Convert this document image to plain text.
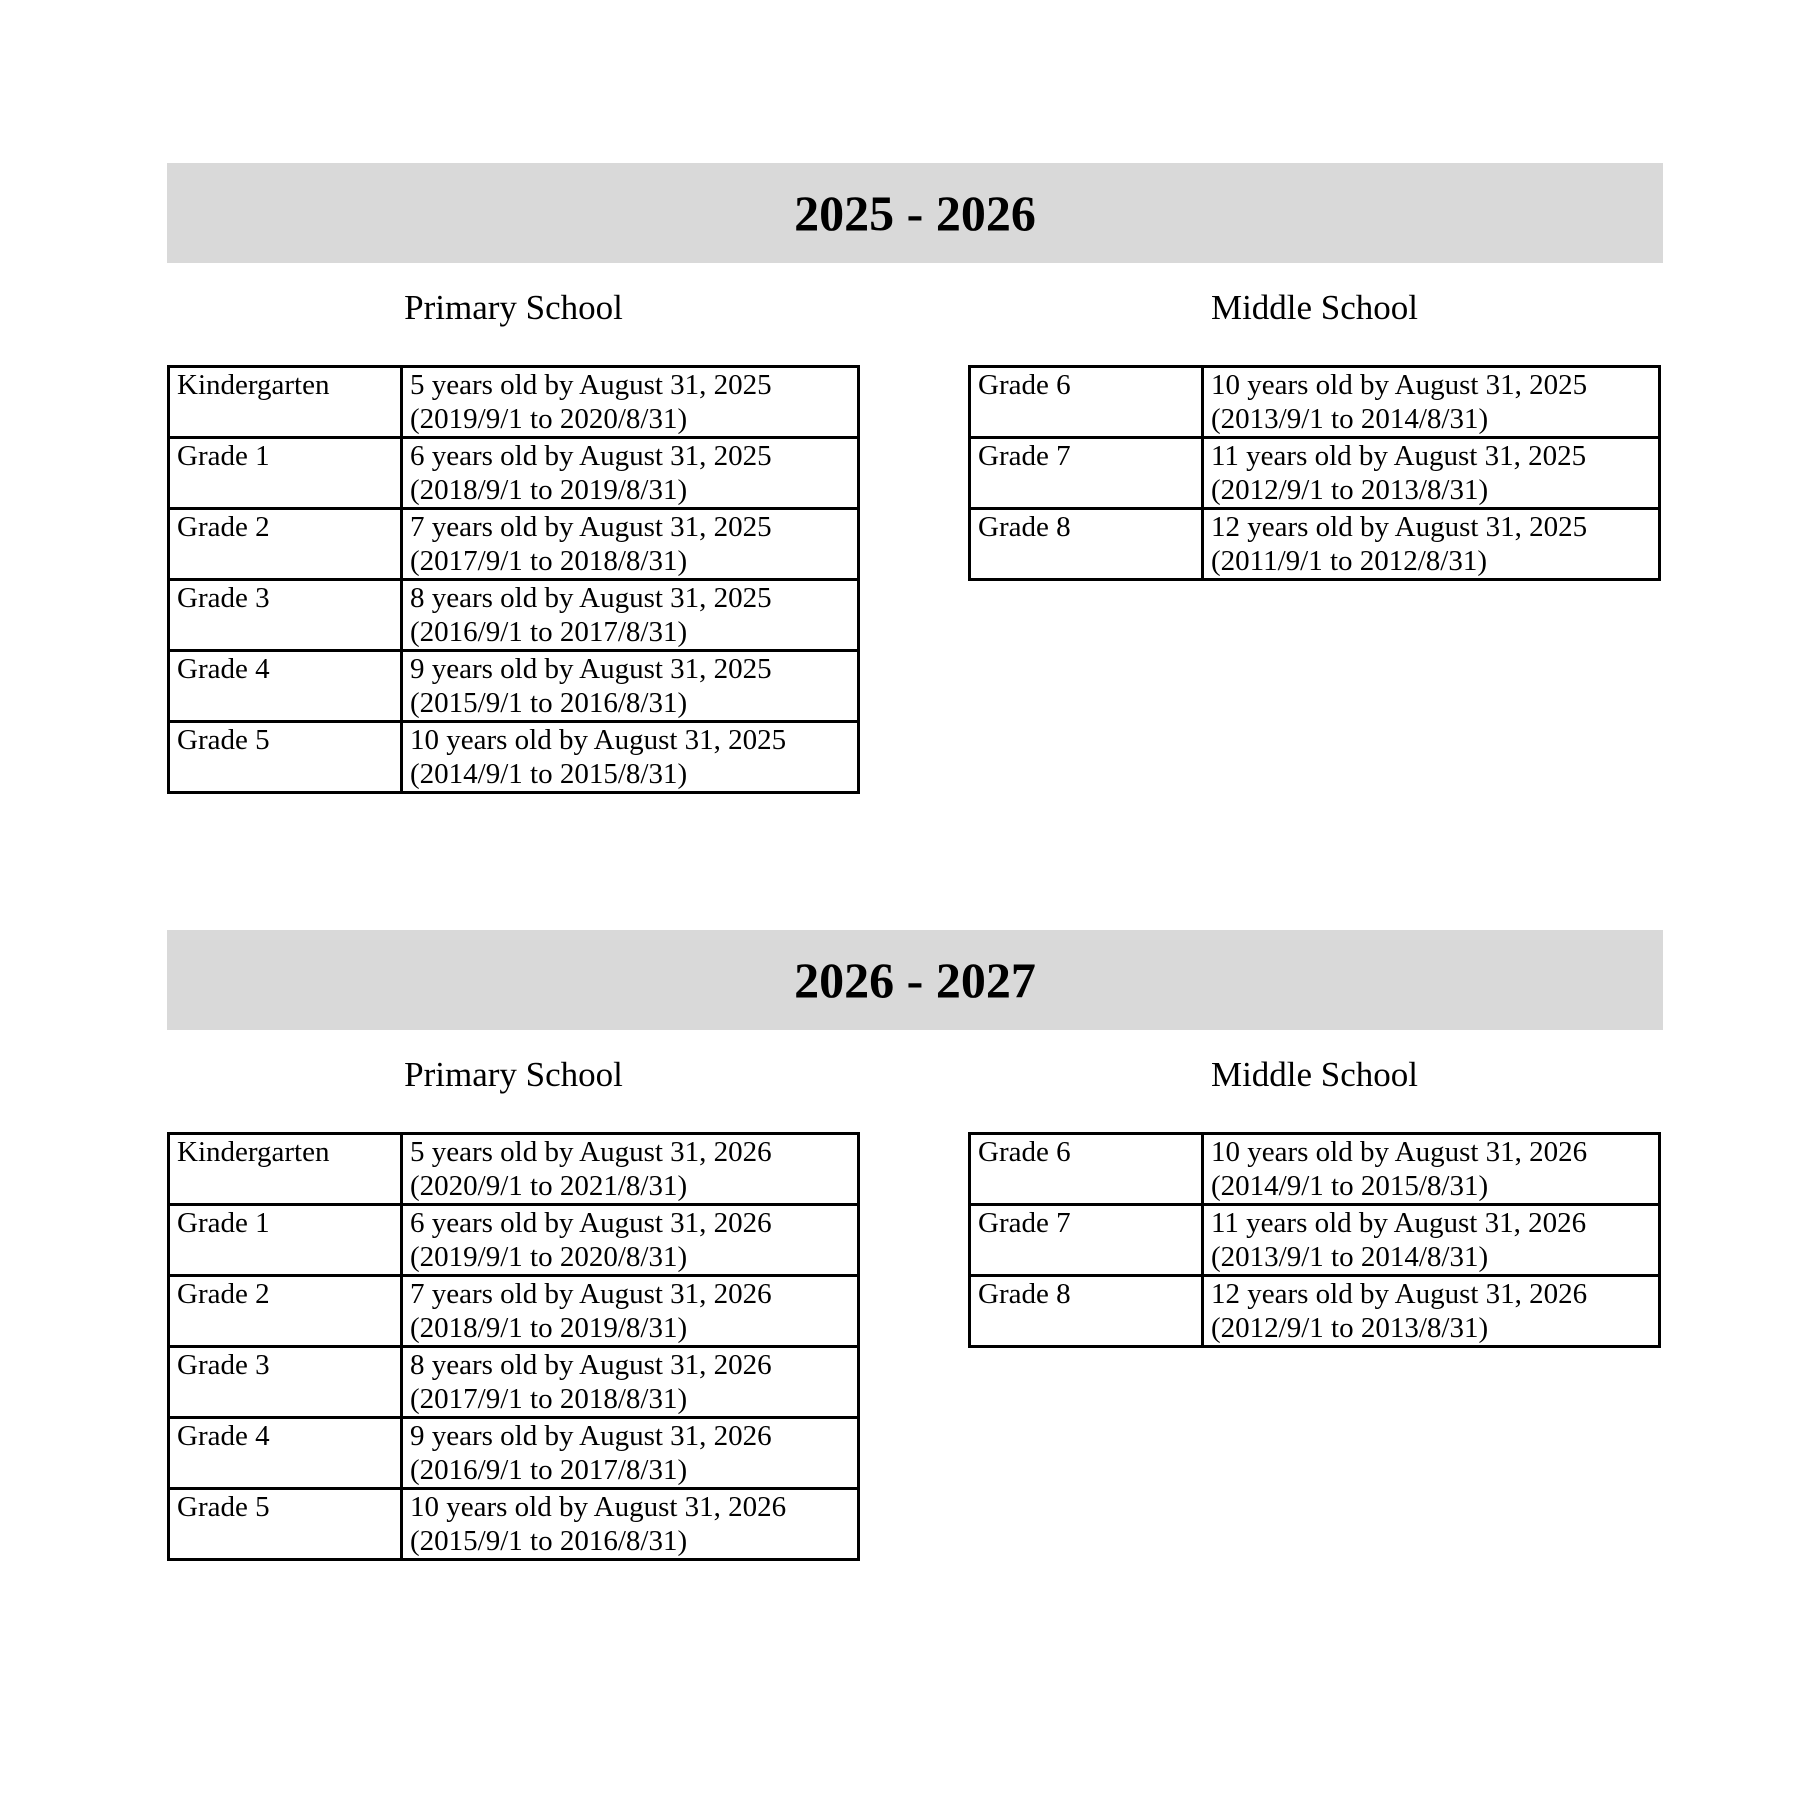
2025 - 2026
Primary School
Kindergarten	5 years old by August 31, 2025
(2019/9/1 to 2020/8/31)

Grade 1	6 years old by August 31, 2025
(2018/9/1 to 2019/8/31)

Grade 2	7 years old by August 31, 2025
(2017/9/1 to 2018/8/31)

Grade 3	8 years old by August 31, 2025
(2016/9/1 to 2017/8/31)

Grade 4	9 years old by August 31, 2025
(2015/9/1 to 2016/8/31)

Grade 5	10 years old by August 31, 2025
(2014/9/1 to 2015/8/31)
Middle School
Grade 6	10 years old by August 31, 2025
(2013/9/1 to 2014/8/31)

Grade 7	11 years old by August 31, 2025
(2012/9/1 to 2013/8/31)

Grade 8	12 years old by August 31, 2025
(2011/9/1 to 2012/8/31)
2026 - 2027
Primary School
Kindergarten	5 years old by August 31, 2026
(2020/9/1 to 2021/8/31)

Grade 1	6 years old by August 31, 2026
(2019/9/1 to 2020/8/31)

Grade 2	7 years old by August 31, 2026
(2018/9/1 to 2019/8/31)

Grade 3	8 years old by August 31, 2026
(2017/9/1 to 2018/8/31)

Grade 4	9 years old by August 31, 2026
(2016/9/1 to 2017/8/31)

Grade 5	10 years old by August 31, 2026
(2015/9/1 to 2016/8/31)
Middle School
Grade 6	10 years old by August 31, 2026
(2014/9/1 to 2015/8/31)

Grade 7	11 years old by August 31, 2026
(2013/9/1 to 2014/8/31)

Grade 8	12 years old by August 31, 2026
(2012/9/1 to 2013/8/31)
